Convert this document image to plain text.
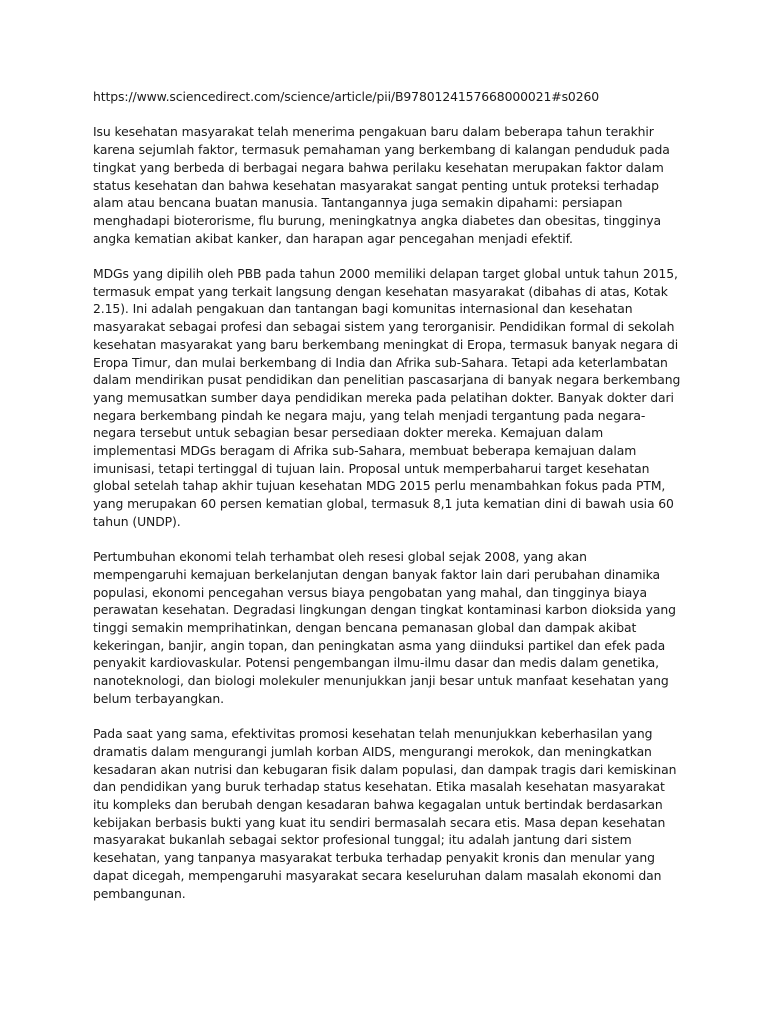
https://www.sciencedirect.com/science/article/pii/B9780124157668000021#s0260

Isu kesehatan masyarakat telah menerima pengakuan baru dalam beberapa tahun terakhir karena sejumlah faktor, termasuk pemahaman yang berkembang di kalangan penduduk pada tingkat yang berbeda di berbagai negara bahwa perilaku kesehatan merupakan faktor dalam status kesehatan dan bahwa kesehatan masyarakat sangat penting untuk proteksi terhadap alam atau bencana buatan manusia. Tantangannya juga semakin dipahami: persiapan menghadapi bioterorisme, flu burung, meningkatnya angka diabetes dan obesitas, tingginya angka kematian akibat kanker, dan harapan agar pencegahan menjadi efektif.

MDGs yang dipilih oleh PBB pada tahun 2000 memiliki delapan target global untuk tahun 2015, termasuk empat yang terkait langsung dengan kesehatan masyarakat (dibahas di atas, Kotak 2.15). Ini adalah pengakuan dan tantangan bagi komunitas internasional dan kesehatan masyarakat sebagai profesi dan sebagai sistem yang terorganisir. Pendidikan formal di sekolah kesehatan masyarakat yang baru berkembang meningkat di Eropa, termasuk banyak negara di Eropa Timur, dan mulai berkembang di India dan Afrika sub-Sahara. Tetapi ada keterlambatan dalam mendirikan pusat pendidikan dan penelitian pascasarjana di banyak negara berkembang yang memusatkan sumber daya pendidikan mereka pada pelatihan dokter. Banyak dokter dari negara berkembang pindah ke negara maju, yang telah menjadi tergantung pada negara-negara tersebut untuk sebagian besar persediaan dokter mereka. Kemajuan dalam implementasi MDGs beragam di Afrika sub-Sahara, membuat beberapa kemajuan dalam imunisasi, tetapi tertinggal di tujuan lain. Proposal untuk memperbaharui target kesehatan global setelah tahap akhir tujuan kesehatan MDG 2015 perlu menambahkan fokus pada PTM, yang merupakan 60 persen kematian global, termasuk 8,1 juta kematian dini di bawah usia 60 tahun (UNDP).

Pertumbuhan ekonomi telah terhambat oleh resesi global sejak 2008, yang akan mempengaruhi kemajuan berkelanjutan dengan banyak faktor lain dari perubahan dinamika populasi, ekonomi pencegahan versus biaya pengobatan yang mahal, dan tingginya biaya perawatan kesehatan. Degradasi lingkungan dengan tingkat kontaminasi karbon dioksida yang tinggi semakin memprihatinkan, dengan bencana pemanasan global dan dampak akibat kekeringan, banjir, angin topan, dan peningkatan asma yang diinduksi partikel dan efek pada penyakit kardiovaskular. Potensi pengembangan ilmu-ilmu dasar dan medis dalam genetika, nanoteknologi, dan biologi molekuler menunjukkan janji besar untuk manfaat kesehatan yang belum terbayangkan.

Pada saat yang sama, efektivitas promosi kesehatan telah menunjukkan keberhasilan yang dramatis dalam mengurangi jumlah korban AIDS, mengurangi merokok, dan meningkatkan kesadaran akan nutrisi dan kebugaran fisik dalam populasi, dan dampak tragis dari kemiskinan dan pendidikan yang buruk terhadap status kesehatan. Etika masalah kesehatan masyarakat itu kompleks dan berubah dengan kesadaran bahwa kegagalan untuk bertindak berdasarkan kebijakan berbasis bukti yang kuat itu sendiri bermasalah secara etis. Masa depan kesehatan masyarakat bukanlah sebagai sektor profesional tunggal; itu adalah jantung dari sistem kesehatan, yang tanpanya masyarakat terbuka terhadap penyakit kronis dan menular yang dapat dicegah, mempengaruhi masyarakat secara keseluruhan dalam masalah ekonomi dan pembangunan.
